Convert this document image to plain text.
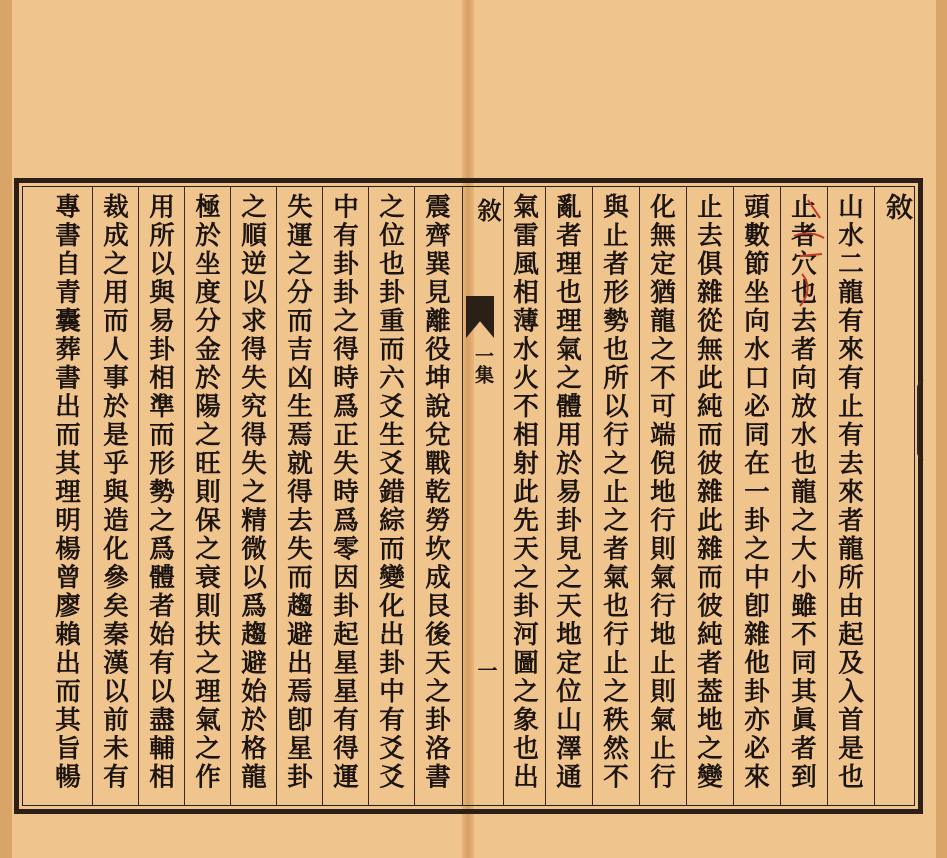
敘
山水二龍有來有止有去來者龍所由起及入首是也
止者穴也去者向放水也龍之大小雖不同其眞者到
頭數節坐向水口必同在一卦之中卽雜他卦亦必來
止去俱雜從無此純而彼雜此雜而彼純者葢地之變
化無定猶龍之不可端倪地行則氣行地止則氣止行
與止者形勢也所以行之止之者氣也行止之秩然不
亂者理也理氣之體用於易卦見之天地定位山澤通
氣雷風相薄水火不相射此先天之卦河圖之象也出
敘
一集
一
震齊巽見離役坤說兌戰乾勞坎成艮後天之卦洛書
之位也卦重而六爻生爻錯綜而變化出卦中有爻爻
中有卦卦之得時爲正失時爲零因卦起星星有得運
失運之分而吉凶生焉就得去失而趨避出焉卽星卦
之順逆以求得失究得失之精微以爲趨避始於格龍
極於坐度分金於陽之旺則保之衰則扶之理氣之作
用所以與易卦相準而形勢之爲體者始有以盡輔相
裁成之用而人事於是乎與造化參矣秦漢以前未有
專書自青囊葬書出而其理明楊曾廖賴出而其旨暢
